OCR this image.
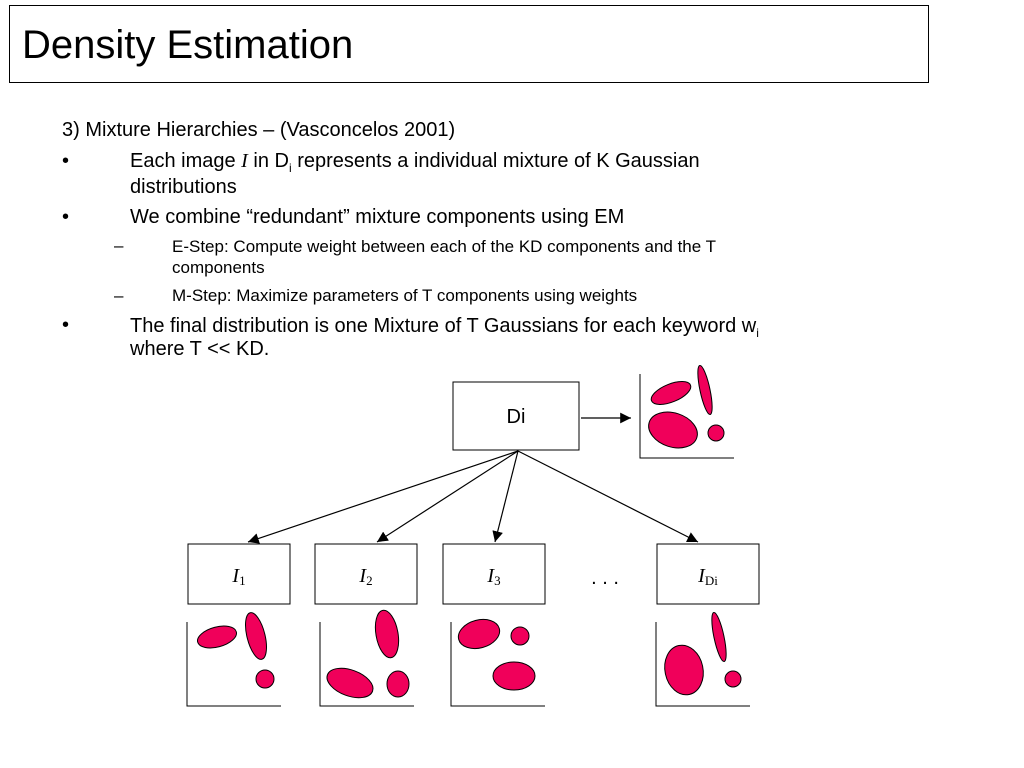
Density Estimation
3) Mixture Hierarchies – (Vasconcelos 2001)
•	Each image I in $D_i$ represents a individual mixture of K Gaussian
distributions
•	We combine “redundant” mixture components using EM
–	E-Step: Compute weight between each of the KD components and the T
components
–	M-Step: Maximize parameters of T components using weights
•	The final distribution is one Mixture of T Gaussians for each keyword $w_i$
where T << KD.
Di
I1	I2	I3	. . .	IDi
